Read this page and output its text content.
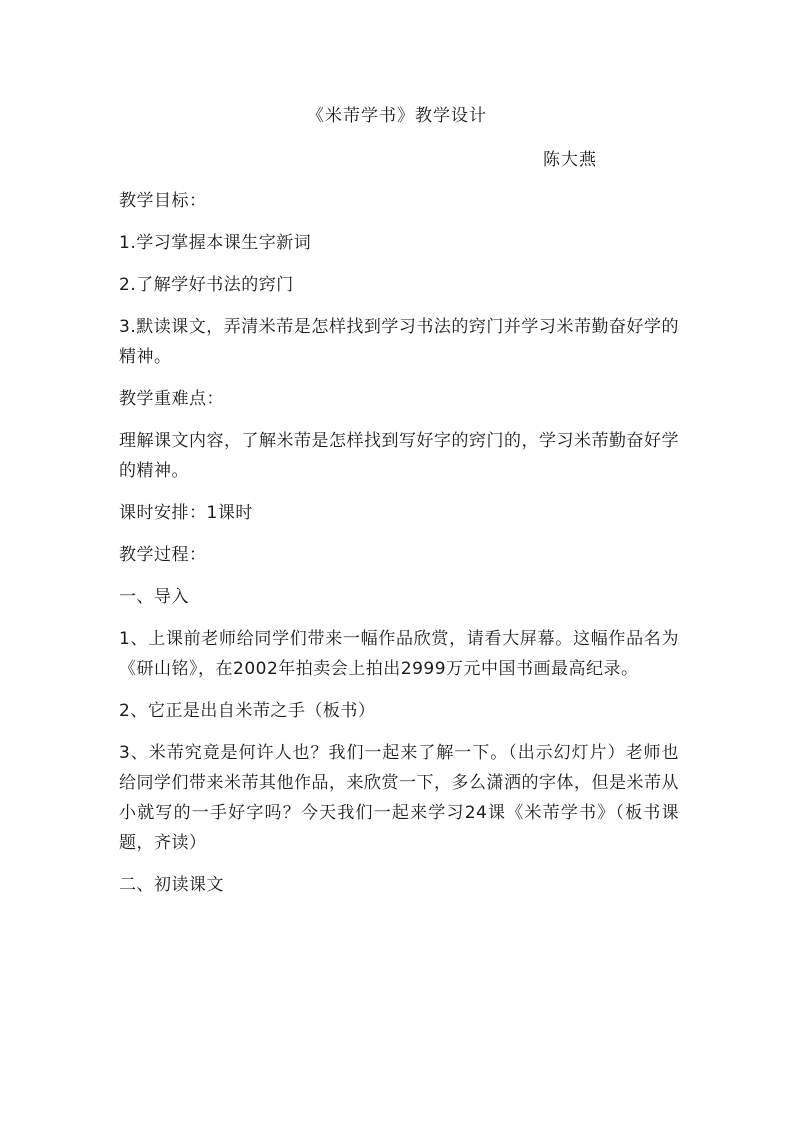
《米芾学书》教学设计
陈大燕

教学目标：

1.学习掌握本课生字新词

2.了解学好书法的窍门

3.默读课文，弄清米芾是怎样找到学习书法的窍门并学习米芾勤奋好学的精神。

教学重难点：

理解课文内容，了解米芾是怎样找到写好字的窍门的，学习米芾勤奋好学的精神。

课时安排：1课时

教学过程：

一、导入

1、上课前老师给同学们带来一幅作品欣赏，请看大屏幕。这幅作品名为《研山铭》，在2002年拍卖会上拍出2999万元中国书画最高纪录。

2、它正是出自米芾之手（板书）

3、米芾究竟是何许人也？我们一起来了解一下。（出示幻灯片）老师也给同学们带来米芾其他作品，来欣赏一下，多么潇洒的字体，但是米芾从小就写的一手好字吗？今天我们一起来学习24课《米芾学书》（板书课题，齐读）

二、初读课文
